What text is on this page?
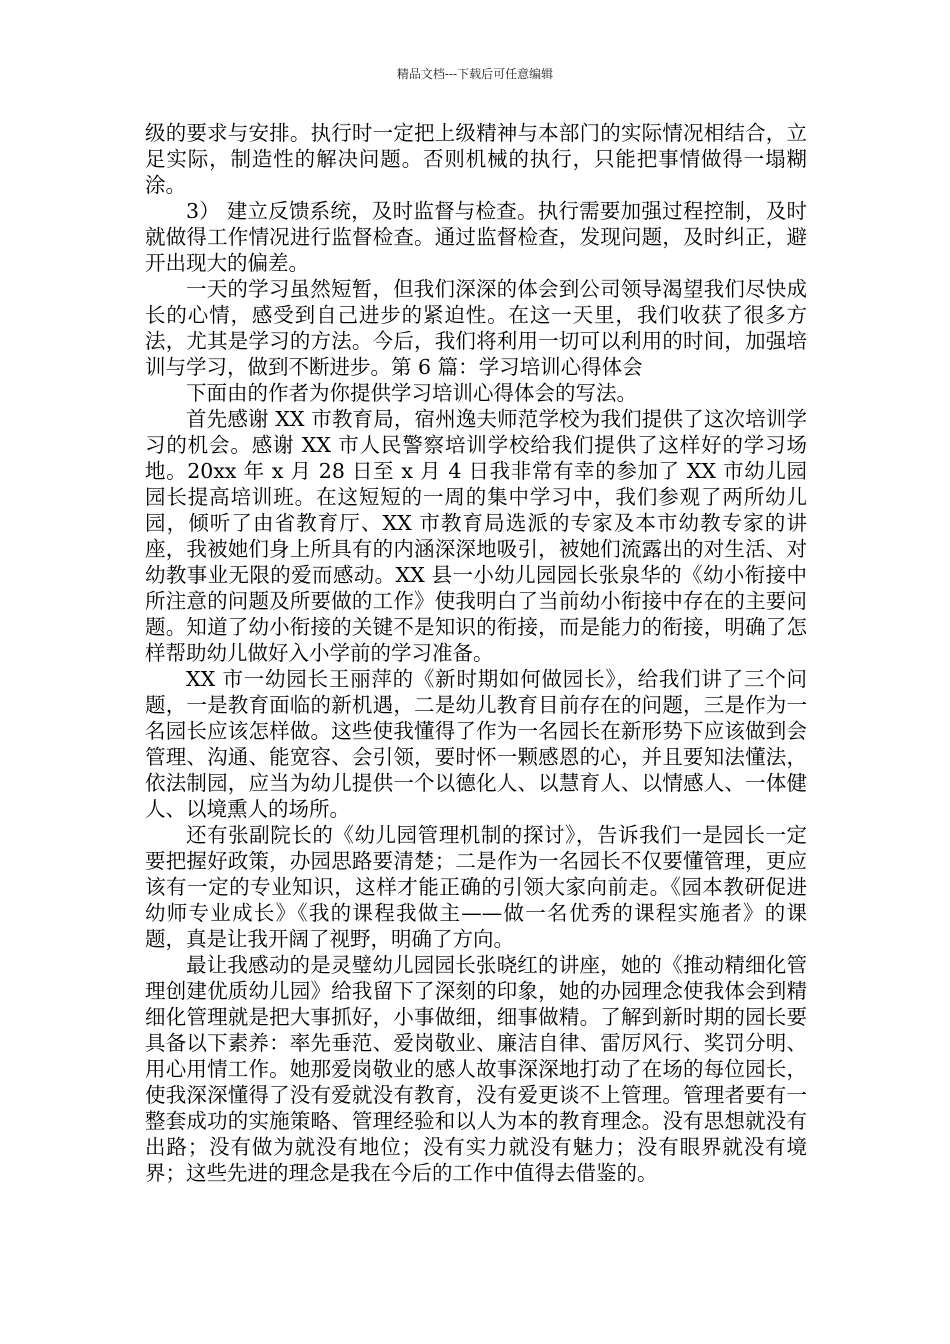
精品文档---下载后可任意编辑

级的要求与安排。执行时一定把上级精神与本部门的实际情况相结合，立足实际，制造性的解决问题。否则机械的执行，只能把事情做得一塌糊涂。

3） 建立反馈系统，及时监督与检查。执行需要加强过程控制，及时就做得工作情况进行监督检查。通过监督检查，发现问题，及时纠正，避开出现大的偏差。

一天的学习虽然短暂，但我们深深的体会到公司领导渴望我们尽快成长的心情，感受到自己进步的紧迫性。在这一天里，我们收获了很多方法，尤其是学习的方法。今后，我们将利用一切可以利用的时间，加强培训与学习，做到不断进步。第 6 篇：学习培训心得体会

下面由的作者为你提供学习培训心得体会的写法。

首先感谢 XX 市教育局，宿州逸夫师范学校为我们提供了这次培训学习的机会。感谢 XX 市人民警察培训学校给我们提供了这样好的学习场地。20xx 年 x 月 28 日至 x 月 4 日我非常有幸的参加了 XX 市幼儿园园长提高培训班。在这短短的一周的集中学习中，我们参观了两所幼儿园，倾听了由省教育厅、XX 市教育局选派的专家及本市幼教专家的讲座，我被她们身上所具有的内涵深深地吸引，被她们流露出的对生活、对幼教事业无限的爱而感动。XX 县一小幼儿园园长张泉华的《幼小衔接中所注意的问题及所要做的工作》使我明白了当前幼小衔接中存在的主要问题。知道了幼小衔接的关键不是知识的衔接，而是能力的衔接，明确了怎样帮助幼儿做好入小学前的学习准备。

XX 市一幼园长王丽萍的《新时期如何做园长》，给我们讲了三个问题，一是教育面临的新机遇，二是幼儿教育目前存在的问题，三是作为一名园长应该怎样做。这些使我懂得了作为一名园长在新形势下应该做到会管理、沟通、能宽容、会引领，要时怀一颗感恩的心，并且要知法懂法，依法制园，应当为幼儿提供一个以德化人、以慧育人、以情感人、一体健人、以境熏人的场所。

还有张副院长的《幼儿园管理机制的探讨》，告诉我们一是园长一定要把握好政策，办园思路要清楚；二是作为一名园长不仅要懂管理，更应该有一定的专业知识，这样才能正确的引领大家向前走。《园本教研促进幼师专业成长》《我的课程我做主——做一名优秀的课程实施者》的课题，真是让我开阔了视野，明确了方向。

最让我感动的是灵璧幼儿园园长张晓红的讲座，她的《推动精细化管理创建优质幼儿园》给我留下了深刻的印象，她的办园理念使我体会到精细化管理就是把大事抓好，小事做细，细事做精。了解到新时期的园长要具备以下素养：率先垂范、爱岗敬业、廉洁自律、雷厉风行、奖罚分明、用心用情工作。她那爱岗敬业的感人故事深深地打动了在场的每位园长，使我深深懂得了没有爱就没有教育，没有爱更谈不上管理。管理者要有一整套成功的实施策略、管理经验和以人为本的教育理念。没有思想就没有出路；没有做为就没有地位；没有实力就没有魅力；没有眼界就没有境界；这些先进的理念是我在今后的工作中值得去借鉴的。
